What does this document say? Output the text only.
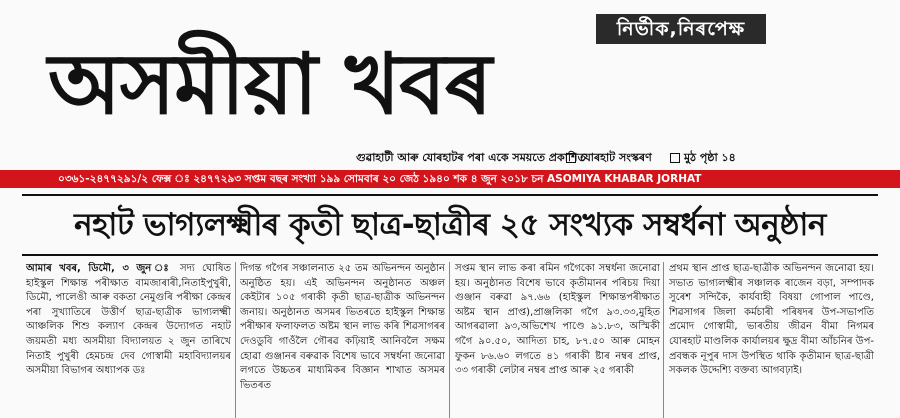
নিৰ্ভীক,নিৰপেক্ষ
অসমীয়া খবৰ
গুৱাহাটী আৰু যোৰহাটৰ পৰা একে সময়তে প্ৰকাশিত
যোৰহাট সংস্কৰণ	মুঠ পৃষ্ঠা ১৪
০৩৬১-২৪৭৭২৯১/২ ফেক্স ঃ ২৪৭৭২৯৩ সপ্তম বছৰ সংখ্যা ১৯৯ সোমবাৰ ২০ জেঠ ১৯৪০ শক ৪ জুন ২০১৮ চন ASOMIYA KHABAR JORHAT
নহাট ভাগ্যলক্ষ্মীৰ কৃতী ছাত্ৰ-ছাত্ৰীৰ ২৫ সংখ্যক সম্বৰ্ধনা অনুষ্ঠান
আমাৰ খবৰ, ডিমৌ, ৩ জুন ঃ সদ্য ঘোষিত হাইস্কুল শিক্ষান্ত পৰীক্ষাত বামজাৰাৰী,নিতাইপুখুৰী, ডিমৌ, পালেঙী আৰু বকতা নেমুগুৰি পৰীক্ষা কেন্দ্ৰৰ পৰা সুখ্যাতিৰে উত্তীৰ্ণ ছাত্ৰ-ছাত্ৰীক ভাগ্যলক্ষ্মী আঞ্চলিক শিশু কল্যাণ কেন্দ্ৰৰ উদ্যোগত নহাট জয়মতী মধ্য অসমীয়া বিদ্যালয়ত ২ জুন তাৰিখে নিতাই পুখুৰী হেমচন্দ্ৰ দেব গোস্বামী মহাবিদ্যালয়ৰ অসমীয়া বিভাগৰ অধ্যাপক ডঃ
দিগন্ত গগৈৰ সঞ্চালনাত ২৫ তম অভিনন্দন অনুষ্ঠান অনুষ্ঠিত হয়। এই অভিনন্দন অনুষ্ঠানত অঞ্চল কেইটাৰ ১০৫ গৰাকী কৃতী ছাত্ৰ-ছাত্ৰীক অভিনন্দন জনায়। অনুষ্ঠানত অসমৰ ভিতৰতে হাইস্কুল শিক্ষান্ত পৰীক্ষাৰ ফলাফলত অষ্টম স্থান লাভ কৰি শিৱসাগৰৰ দেওডুবি গাওঁলৈ গৌৰৱ কঢ়িয়াই আনিবলৈ সক্ষম হোৱা গুঞ্জানৰ বৰুৱাক বিশেষ ভাবে সম্বৰ্ধনা জনোৱা লগতে উচ্চতৰ মাধ্যমিকৰ বিজ্ঞান শাখাত অসমৰ ভিতৰত
সপ্তম স্থান লাভ কৰা ৰমিন গগৈকো সম্বৰ্ধনা জনোৱা হয়। অনুষ্ঠানত বিশেষ ভাবে কৃতীমানৰ পৰিচয় দিয়া গুঞ্জান বৰুৱা ৯৭.৬৬ (হাইস্কুল শিক্ষান্তপৰীক্ষাত অষ্টম স্থান প্ৰাপ্ত),প্ৰাঞ্জলিকা গগৈ ৯৩.৩৩,মুহিত আগৰৱালা ৯৩,অভিশেখ পাণ্ডে ৯১.৮৩, অস্মিকী গগৈ ৯০.৫০, আদিত্য চাহ, ৮৭.৫০ আৰু মোহন ফুকন ৮৬.৬০ লগতে ৪১ গৰাকী ষ্টাৰ নম্বৰ প্ৰাপ্ত, ৩৩ গৰাকী লেটাৰ নম্বৰ প্ৰাপ্ত আৰু ২৫ গৰাকী
প্ৰথম স্থান প্ৰাপ্ত ছাত্ৰ-ছাত্ৰীক অভিনন্দন জনোৱা হয়। সভাত ভাগ্যলক্ষ্মীৰ সঞ্চালক ৰাজেন বড়া, সম্পাদক সুৰেশ সন্দিকৈ, কাৰ্যবাহী বিষয়া গোপাল পাণ্ডে, শিৱসাগৰ জিলা কৰ্মচাৰী পৰিষদৰ উপ-সভাপতি প্ৰমোদ গোস্বামী, ভাৰতীয় জীৱন বীমা নিগমৰ যোৰহাট মাণ্ডলিক কাৰ্যালয়ৰ ক্ষুদ্ৰ বীমা আঁচনিৰ উপ-প্ৰবন্ধক নূপুৰ দাস উপস্থিত থাকি কৃতীমান ছাত্ৰ-ছাত্ৰী সকলক উদ্দেশ্যি বক্তব্য আগবঢ়াই।
